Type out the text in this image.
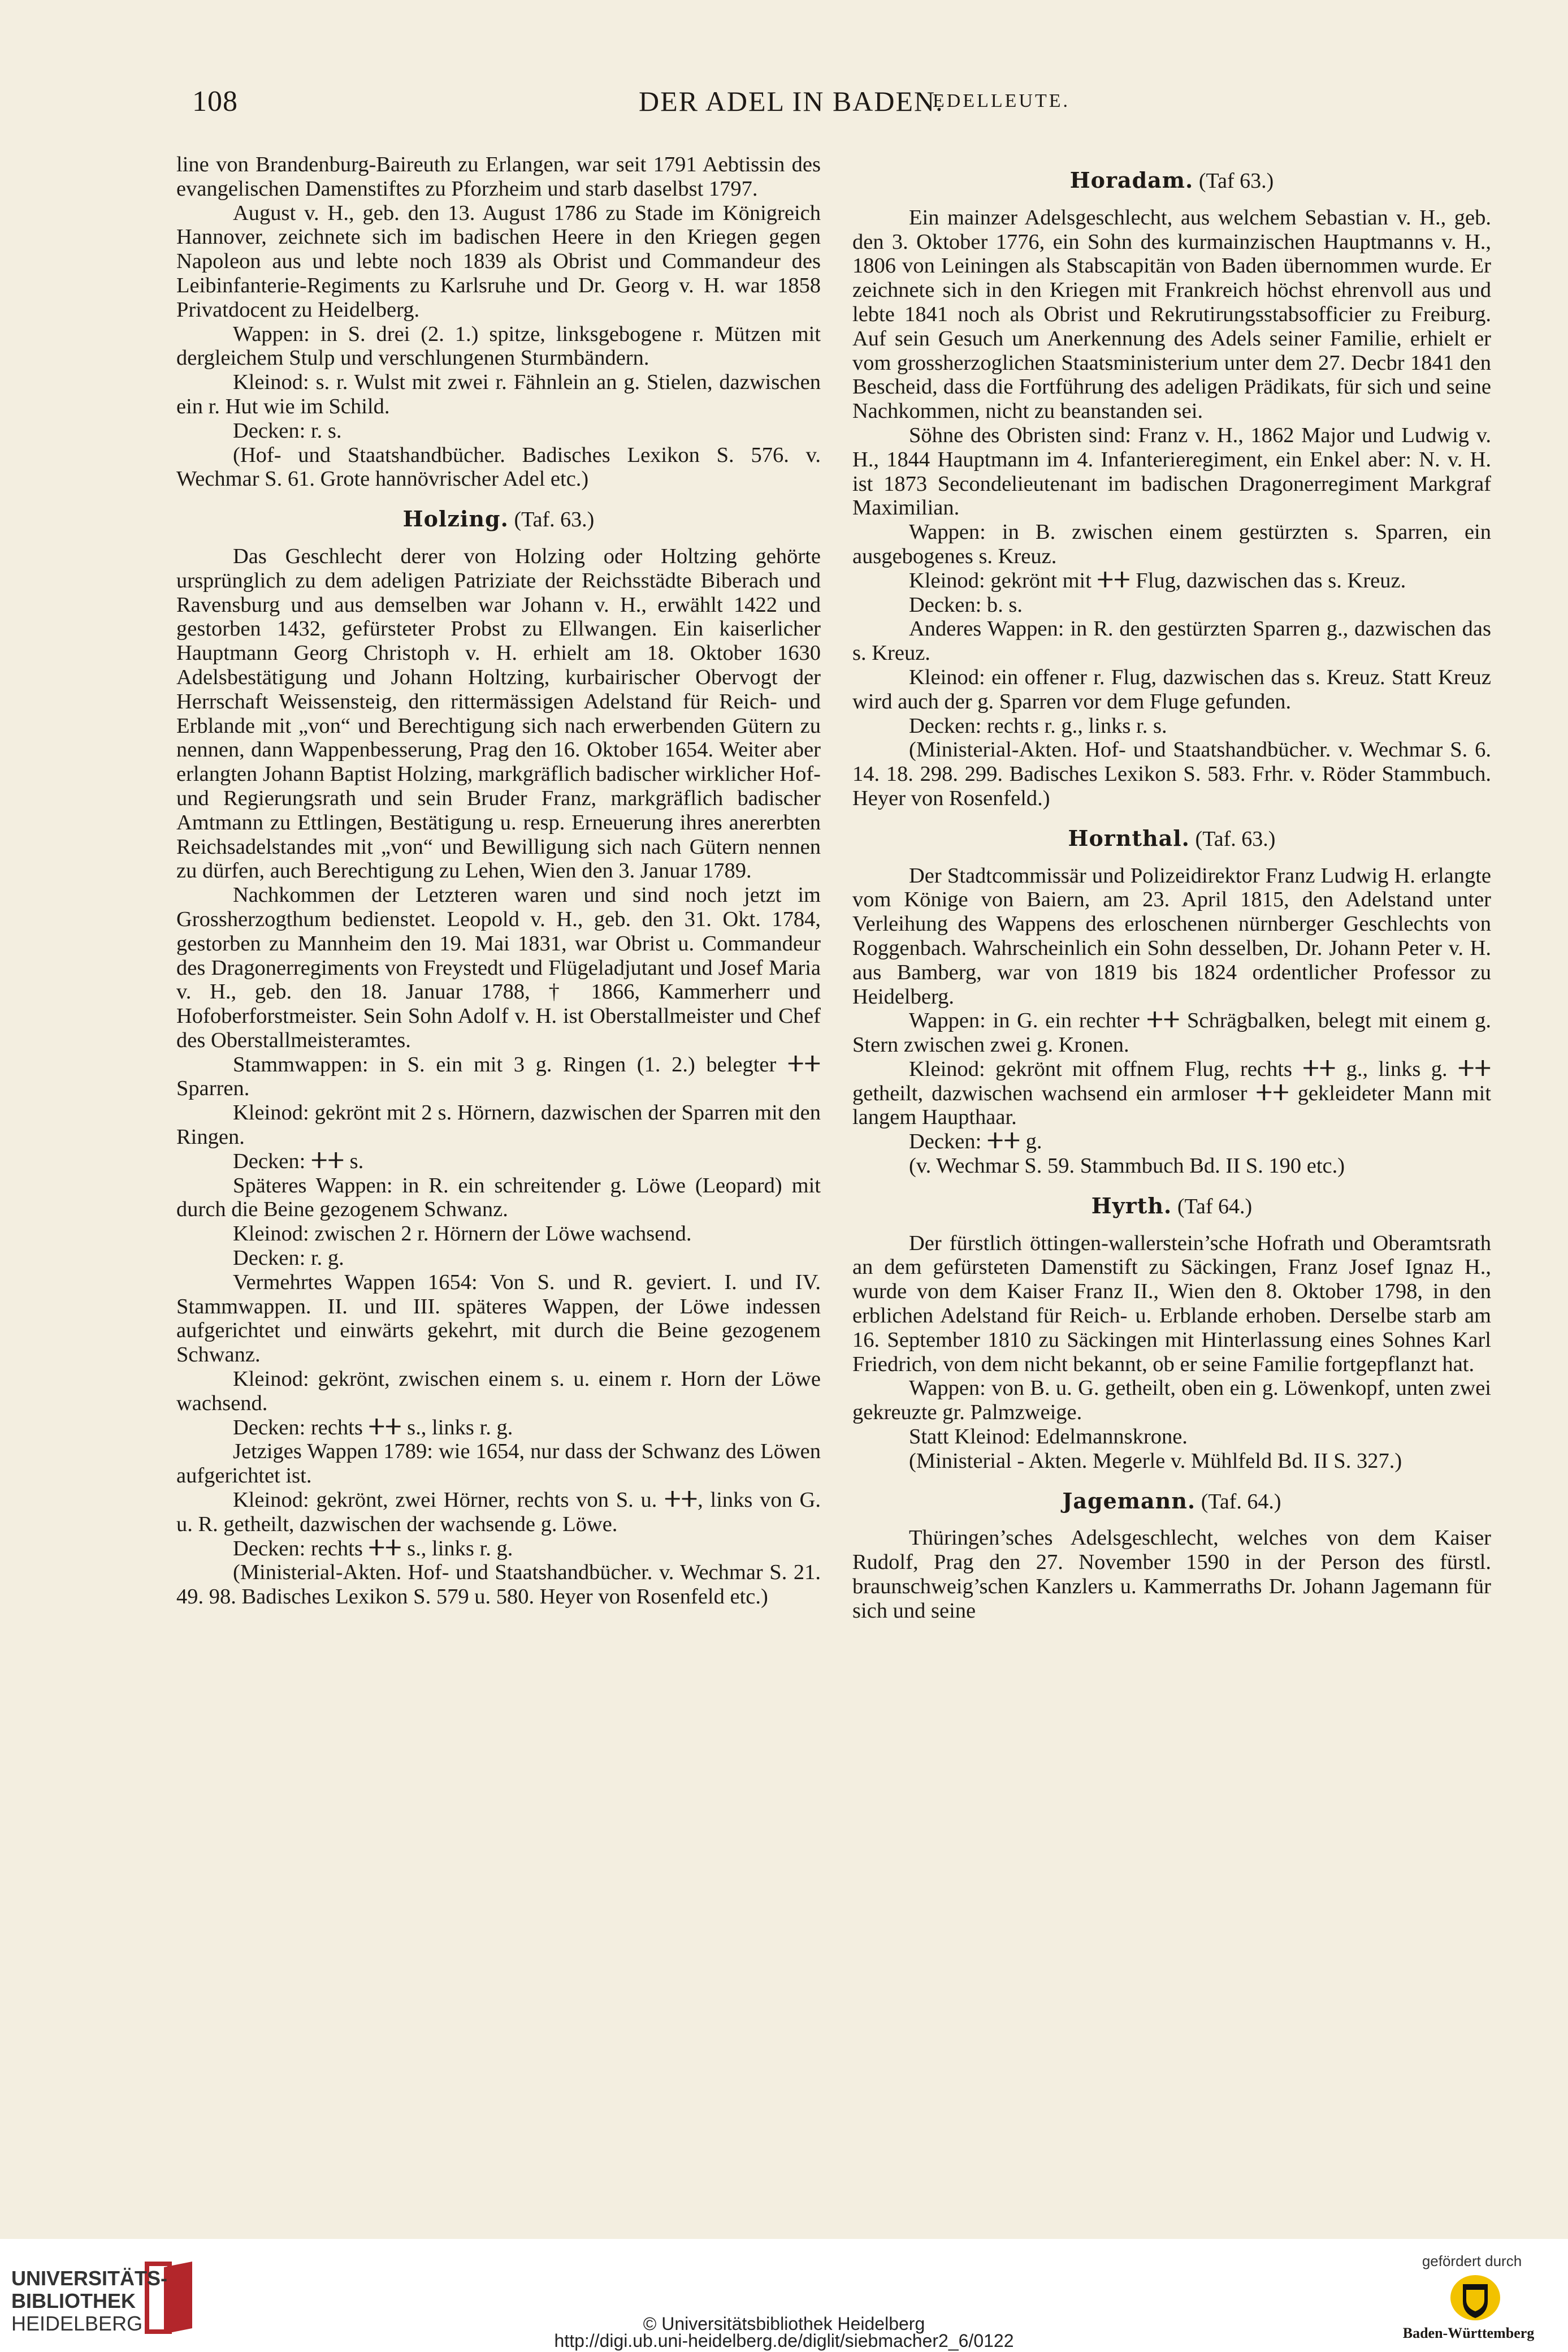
108	DER ADEL IN BADEN.
EDELLEUTE.

line von Brandenburg-Baireuth zu Erlangen, war seit 1791 Aebtissin des evangelischen Damenstiftes zu Pforzheim und starb daselbst 1797.

August v. H., geb. den 13. August 1786 zu Stade im Königreich Hannover, zeichnete sich im badischen Heere in den Kriegen gegen Napoleon aus und lebte noch 1839 als Obrist und Commandeur des Leibinfanterie-Regiments zu Karlsruhe und Dr. Georg v. H. war 1858 Privatdocent zu Heidelberg.

Wappen: in S. drei (2. 1.) spitze, linksgebogene r. Mützen mit dergleichem Stulp und verschlungenen Sturmbändern.

Kleinod: s. r. Wulst mit zwei r. Fähnlein an g. Stielen, dazwischen ein r. Hut wie im Schild.

Decken: r. s.

(Hof- und Staatshandbücher. Badisches Lexikon S. 576. v. Wechmar S. 61. Grote hannövrischer Adel etc.)

Holzing. (Taf. 63.)

Das Geschlecht derer von Holzing oder Holtzing gehörte ursprünglich zu dem adeligen Patriziate der Reichsstädte Biberach und Ravensburg und aus demselben war Johann v. H., erwählt 1422 und gestorben 1432, gefürsteter Probst zu Ellwangen. Ein kaiserlicher Hauptmann Georg Christoph v. H. erhielt am 18. Oktober 1630 Adelsbestätigung und Johann Holtzing, kurbairischer Obervogt der Herrschaft Weissensteig, den rittermässigen Adelstand für Reich- und Erblande mit „von“ und Berechtigung sich nach erwerbenden Gütern zu nennen, dann Wappenbesserung, Prag den 16. Oktober 1654. Weiter aber erlangten Johann Baptist Holzing, markgräflich badischer wirklicher Hof- und Regierungsrath und sein Bruder Franz, markgräflich badischer Amtmann zu Ettlingen, Bestätigung u. resp. Erneuerung ihres anererbten Reichsadelstandes mit „von“ und Bewilligung sich nach Gütern nennen zu dürfen, auch Berechtigung zu Lehen, Wien den 3. Januar 1789.

Nachkommen der Letzteren waren und sind noch jetzt im Grossherzogthum bedienstet. Leopold v. H., geb. den 31. Okt. 1784, gestorben zu Mannheim den 19. Mai 1831, war Obrist u. Commandeur des Dragonerregiments von Freystedt und Flügeladjutant und Josef Maria v. H., geb. den 18. Januar 1788, † 1866, Kammerherr und Hofoberforstmeister. Sein Sohn Adolf v. H. ist Oberstallmeister und Chef des Oberstallmeisteramtes.

Stammwappen: in S. ein mit 3 g. Ringen (1. 2.) belegter ⵜⵜ Sparren.

Kleinod: gekrönt mit 2 s. Hörnern, dazwischen der Sparren mit den Ringen.

Decken: ⵜⵜ s.

Späteres Wappen: in R. ein schreitender g. Löwe (Leopard) mit durch die Beine gezogenem Schwanz.

Kleinod: zwischen 2 r. Hörnern der Löwe wachsend.

Decken: r. g.

Vermehrtes Wappen 1654: Von S. und R. geviert. I. und IV. Stammwappen. II. und III. späteres Wappen, der Löwe indessen aufgerichtet und einwärts gekehrt, mit durch die Beine gezogenem Schwanz.

Kleinod: gekrönt, zwischen einem s. u. einem r. Horn der Löwe wachsend.

Decken: rechts ⵜⵜ s., links r. g.

Jetziges Wappen 1789: wie 1654, nur dass der Schwanz des Löwen aufgerichtet ist.

Kleinod: gekrönt, zwei Hörner, rechts von S. u. ⵜⵜ, links von G. u. R. getheilt, dazwischen der wachsende g. Löwe.

Decken: rechts ⵜⵜ s., links r. g.

(Ministerial-Akten. Hof- und Staatshandbücher. v. Wechmar S. 21. 49. 98. Badisches Lexikon S. 579 u. 580. Heyer von Rosenfeld etc.)

Horadam. (Taf 63.)

Ein mainzer Adelsgeschlecht, aus welchem Sebastian v. H., geb. den 3. Oktober 1776, ein Sohn des kurmainzischen Hauptmanns v. H., 1806 von Leiningen als Stabscapitän von Baden übernommen wurde. Er zeichnete sich in den Kriegen mit Frankreich höchst ehrenvoll aus und lebte 1841 noch als Obrist und Rekrutirungsstabsofficier zu Freiburg. Auf sein Gesuch um Anerkennung des Adels seiner Familie, erhielt er vom grossherzoglichen Staatsministerium unter dem 27. Decbr 1841 den Bescheid, dass die Fortführung des adeligen Prädikats, für sich und seine Nachkommen, nicht zu beanstanden sei.

Söhne des Obristen sind: Franz v. H., 1862 Major und Ludwig v. H., 1844 Hauptmann im 4. Infanterieregiment, ein Enkel aber: N. v. H. ist 1873 Secondelieutenant im badischen Dragonerregiment Markgraf Maximilian.

Wappen: in B. zwischen einem gestürzten s. Sparren, ein ausgebogenes s. Kreuz.

Kleinod: gekrönt mit ⵜⵜ Flug, dazwischen das s. Kreuz.

Decken: b. s.

Anderes Wappen: in R. den gestürzten Sparren g., dazwischen das s. Kreuz.

Kleinod: ein offener r. Flug, dazwischen das s. Kreuz. Statt Kreuz wird auch der g. Sparren vor dem Fluge gefunden.

Decken: rechts r. g., links r. s.

(Ministerial-Akten. Hof- und Staatshandbücher. v. Wechmar S. 6. 14. 18. 298. 299. Badisches Lexikon S. 583. Frhr. v. Röder Stammbuch. Heyer von Rosenfeld.)

Hornthal. (Taf. 63.)

Der Stadtcommissär und Polizeidirektor Franz Ludwig H. erlangte vom Könige von Baiern, am 23. April 1815, den Adelstand unter Verleihung des Wappens des erloschenen nürnberger Geschlechts von Roggenbach. Wahrscheinlich ein Sohn desselben, Dr. Johann Peter v. H. aus Bamberg, war von 1819 bis 1824 ordentlicher Professor zu Heidelberg.

Wappen: in G. ein rechter ⵜⵜ Schrägbalken, belegt mit einem g. Stern zwischen zwei g. Kronen.

Kleinod: gekrönt mit offnem Flug, rechts ⵜⵜ g., links g. ⵜⵜ getheilt, dazwischen wachsend ein armloser ⵜⵜ gekleideter Mann mit langem Haupthaar.

Decken: ⵜⵜ g.

(v. Wechmar S. 59. Stammbuch Bd. II S. 190 etc.)

Hyrth. (Taf 64.)

Der fürstlich öttingen-wallerstein’sche Hofrath und Oberamtsrath an dem gefürsteten Damenstift zu Säckingen, Franz Josef Ignaz H., wurde von dem Kaiser Franz II., Wien den 8. Oktober 1798, in den erblichen Adelstand für Reich- u. Erblande erhoben. Derselbe starb am 16. September 1810 zu Säckingen mit Hinterlassung eines Sohnes Karl Friedrich, von dem nicht bekannt, ob er seine Familie fortgepflanzt hat.

Wappen: von B. u. G. getheilt, oben ein g. Löwenkopf, unten zwei gekreuzte gr. Palmzweige.

Statt Kleinod: Edelmannskrone.

(Ministerial - Akten. Megerle v. Mühlfeld Bd. II S. 327.)

Jagemann. (Taf. 64.)

Thüringen’sches Adelsgeschlecht, welches von dem Kaiser Rudolf, Prag den 27. November 1590 in der Person des fürstl. braunschweig’schen Kanzlers u. Kammerraths Dr. Johann Jagemann für sich und seine

UNIVERSITÄTS-
BIBLIOTHEK
HEIDELBERG	© Universitätsbibliothek Heidelberg
http://digi.ub.uni-heidelberg.de/diglit/siebmacher2_6/0122
gefördert durch
Baden-Württemberg
